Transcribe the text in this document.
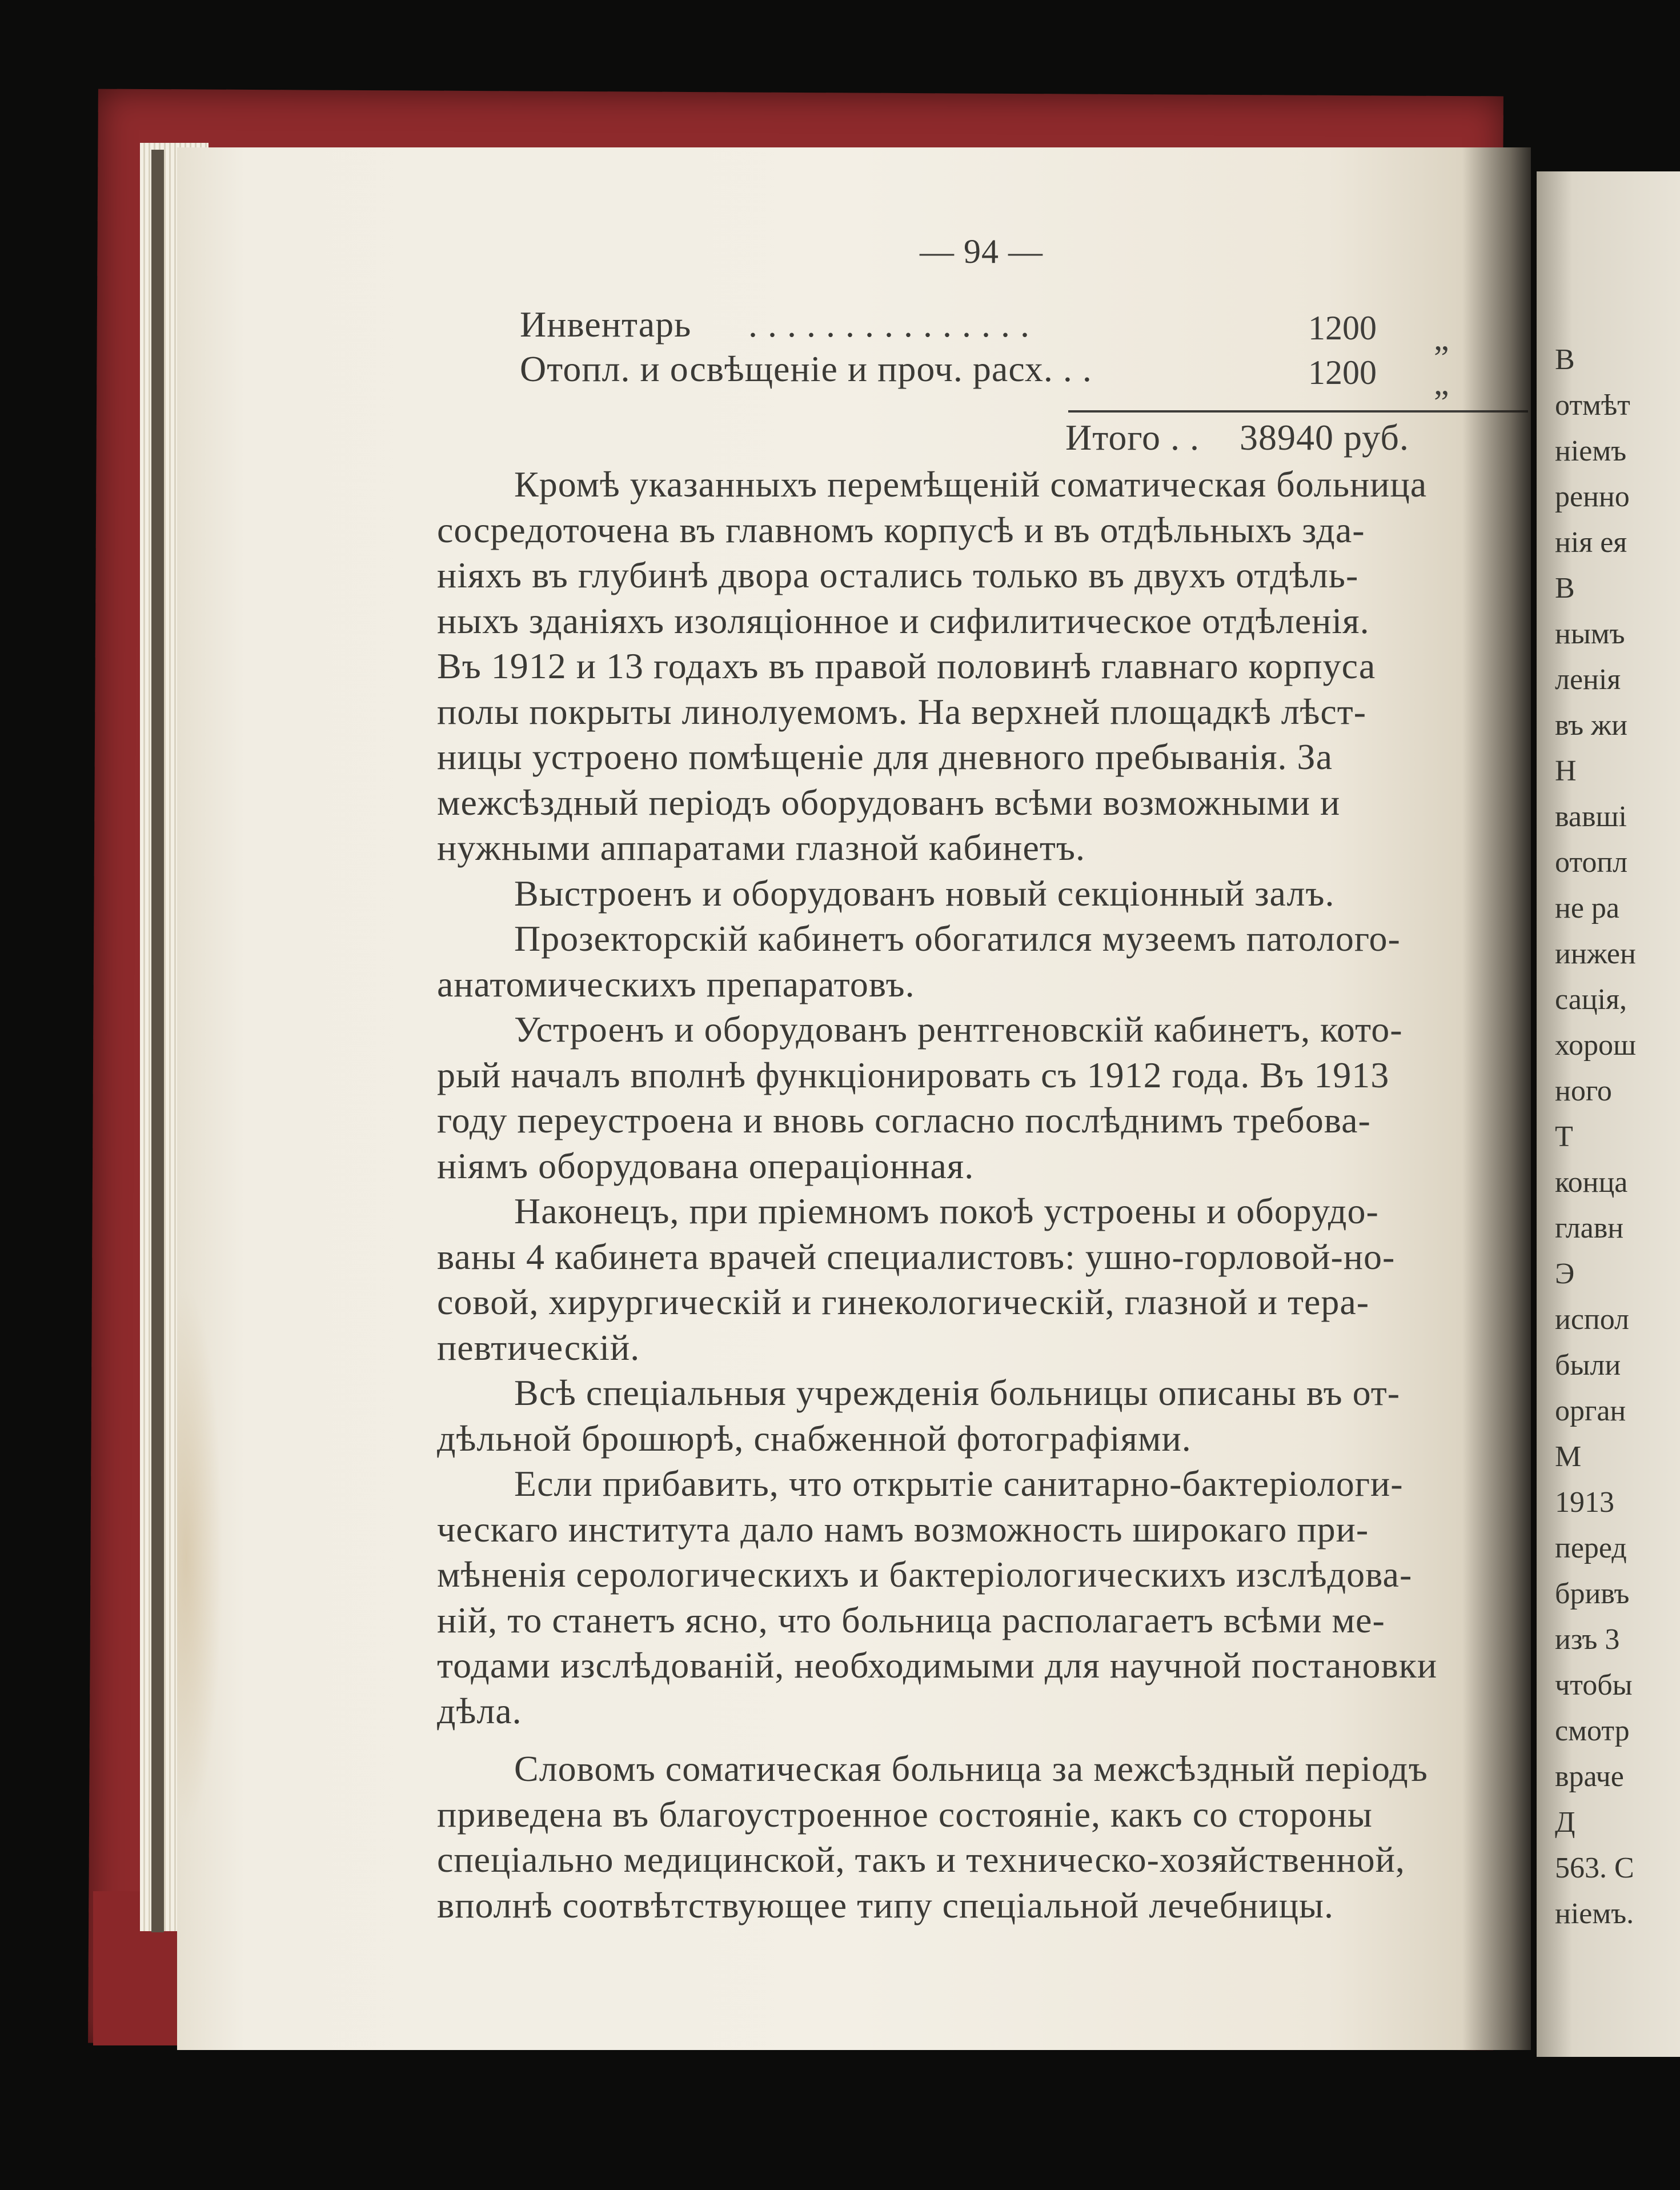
— 94 —
Инвентарь . . . . . . . . . . . . . . .	1200 „
Отопл. и освѣщеніе и проч. расх. . .	1200 „
Итого . . 38940 руб.
Кромѣ указанныхъ перемѣщеній соматическая больница
сосредоточена въ главномъ корпусѣ и въ отдѣльныхъ зда-
ніяхъ въ глубинѣ двора остались только въ двухъ отдѣль-
ныхъ зданіяхъ изоляціонное и сифилитическое отдѣленія.
Въ 1912 и 13 годахъ въ правой половинѣ главнаго корпуса
полы покрыты линолуемомъ. На верхней площадкѣ лѣст-
ницы устроено помѣщеніе для дневного пребыванія. За
межсѣздный періодъ оборудованъ всѣми возможными и
нужными аппаратами глазной кабинетъ.
Выстроенъ и оборудованъ новый секціонный залъ.
Прозекторскій кабинетъ обогатился музеемъ патолого-
анатомическихъ препаратовъ.
Устроенъ и оборудованъ рентгеновскій кабинетъ, кото-
рый началъ вполнѣ функціонировать съ 1912 года. Въ 1913
году переустроена и вновь согласно послѣднимъ требова-
ніямъ оборудована операціонная.
Наконецъ, при пріемномъ покоѣ устроены и оборудо-
ваны 4 кабинета врачей специалистовъ: ушно-горловой-но-
совой, хирургическій и гинекологическій, глазной и тера-
певтическій.
Всѣ спеціальныя учрежденія больницы описаны въ от-
дѣльной брошюрѣ, снабженной фотографіями.
Если прибавить, что открытіе санитарно-бактеріологи-
ческаго института дало намъ возможность широкаго при-
мѣненія серологическихъ и бактеріологическихъ изслѣдова-
ній, то станетъ ясно, что больница располагаетъ всѣми ме-
тодами изслѣдованій, необходимыми для научной постановки
дѣла.
Словомъ соматическая больница за межсѣздный періодъ
приведена въ благоустроенное состояніе, какъ со стороны
спеціально медицинской, такъ и техническо-хозяйственной,
вполнѣ соотвѣтствующее типу спеціальной лечебницы.
В
отмѣт
ніемъ
ренно
нія ея
В
нымъ
ленія
въ жи
Н
вавші
отопл
не ра
инжен
сація,
хорош
ного
Т
конца
главн
Э
испол
были
орган
М
1913
перед
бривъ
изъ 3
чтобы
смотр
враче
Д
563. С
ніемъ.
